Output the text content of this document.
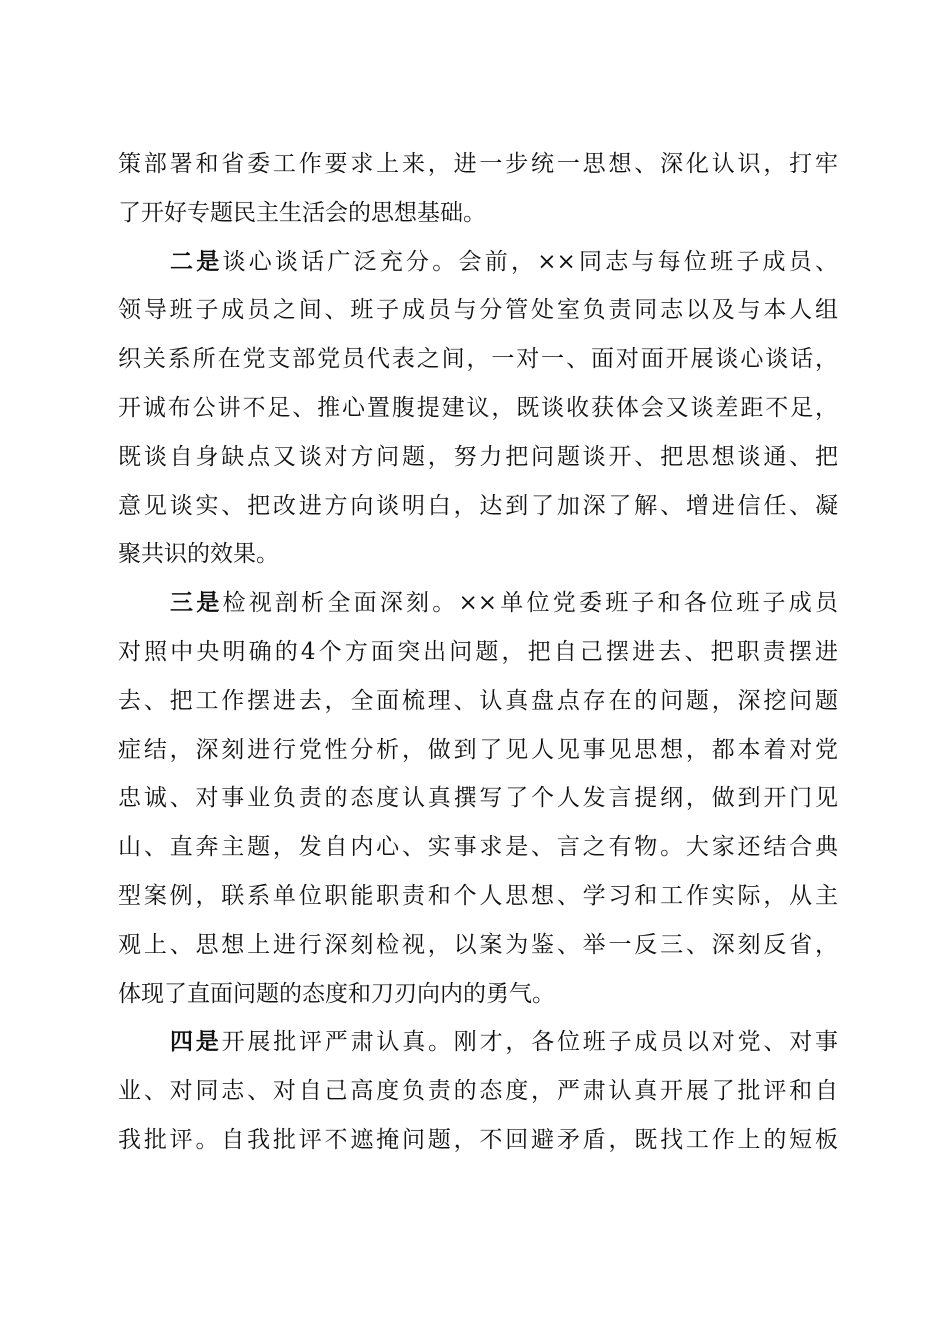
策部署和省委工作要求上来，进一步统一思想、深化认识，打牢
了开好专题民主生活会的思想基础。
二是谈心谈话广泛充分。会前，××同志与每位班子成员、
领导班子成员之间、班子成员与分管处室负责同志以及与本人组
织关系所在党支部党员代表之间，一对一、面对面开展谈心谈话，
开诚布公讲不足、推心置腹提建议，既谈收获体会又谈差距不足，
既谈自身缺点又谈对方问题，努力把问题谈开、把思想谈通、把
意见谈实、把改进方向谈明白，达到了加深了解、增进信任、凝
聚共识的效果。
三是检视剖析全面深刻。××单位党委班子和各位班子成员
对照中央明确的4个方面突出问题，把自己摆进去、把职责摆进
去、把工作摆进去，全面梳理、认真盘点存在的问题，深挖问题
症结，深刻进行党性分析，做到了见人见事见思想，都本着对党
忠诚、对事业负责的态度认真撰写了个人发言提纲，做到开门见
山、直奔主题，发自内心、实事求是、言之有物。大家还结合典
型案例，联系单位职能职责和个人思想、学习和工作实际，从主
观上、思想上进行深刻检视，以案为鉴、举一反三、深刻反省，
体现了直面问题的态度和刀刃向内的勇气。
四是开展批评严肃认真。刚才，各位班子成员以对党、对事
业、对同志、对自己高度负责的态度，严肃认真开展了批评和自
我批评。自我批评不遮掩问题，不回避矛盾，既找工作上的短板
